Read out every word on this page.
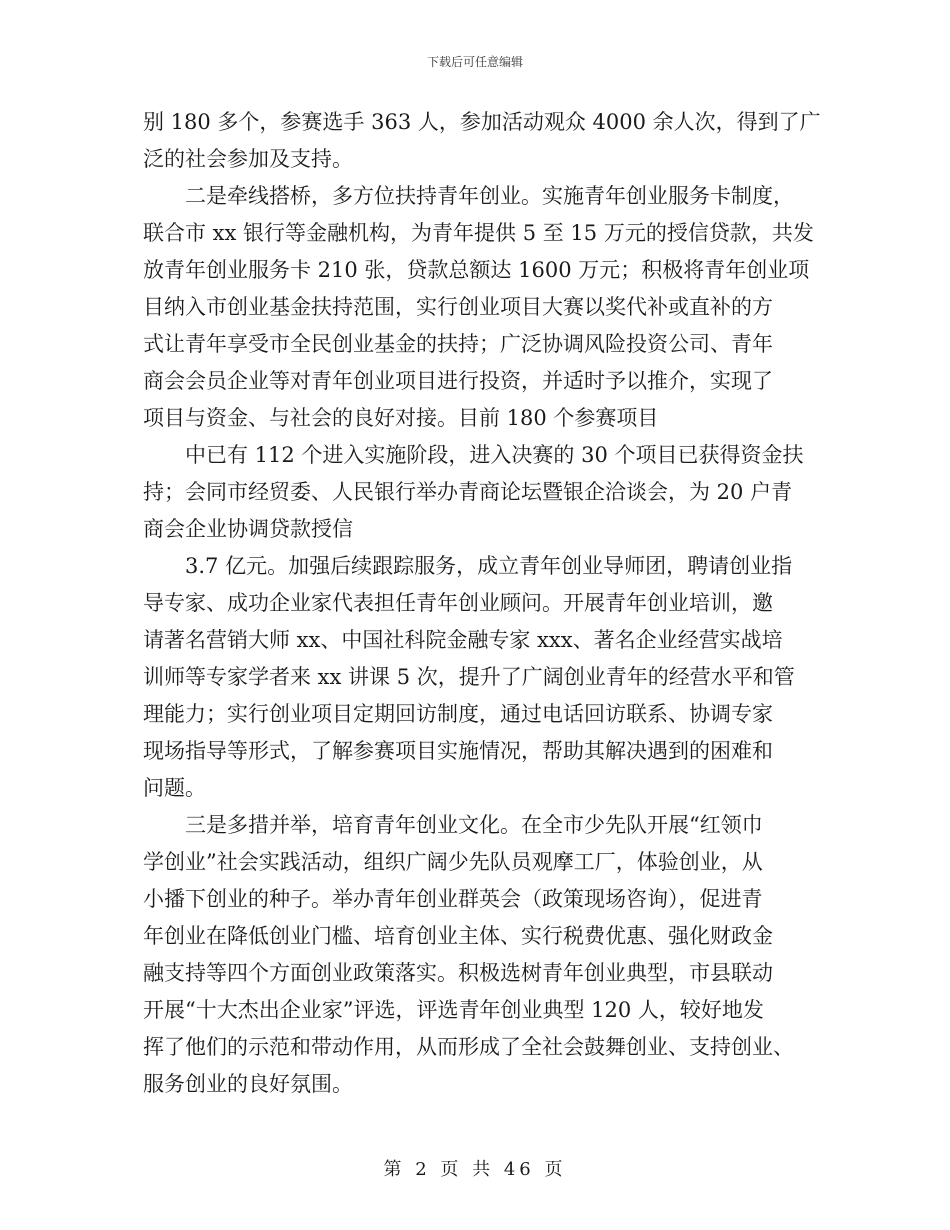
下载后可任意编辑
别 180 多个，参赛选手 363 人，参加活动观众 4000 余人次，得到了广
泛的社会参加及支持。
　　二是牵线搭桥，多方位扶持青年创业。实施青年创业服务卡制度，
联合市 xx 银行等金融机构，为青年提供 5 至 15 万元的授信贷款，共发
放青年创业服务卡 210 张，贷款总额达 1600 万元；积极将青年创业项
目纳入市创业基金扶持范围，实行创业项目大赛以奖代补或直补的方
式让青年享受市全民创业基金的扶持；广泛协调风险投资公司、青年
商会会员企业等对青年创业项目进行投资，并适时予以推介，实现了
项目与资金、与社会的良好对接。目前 180 个参赛项目
　　中已有 112 个进入实施阶段，进入决赛的 30 个项目已获得资金扶
持；会同市经贸委、人民银行举办青商论坛暨银企洽谈会，为 20 户青
商会企业协调贷款授信
　　3.7 亿元。加强后续跟踪服务，成立青年创业导师团，聘请创业指
导专家、成功企业家代表担任青年创业顾问。开展青年创业培训，邀
请著名营销大师 xx、中国社科院金融专家 xxx、著名企业经营实战培
训师等专家学者来 xx 讲课 5 次，提升了广阔创业青年的经营水平和管
理能力；实行创业项目定期回访制度，通过电话回访联系、协调专家
现场指导等形式，了解参赛项目实施情况，帮助其解决遇到的困难和
问题。
　　三是多措并举，培育青年创业文化。在全市少先队开展“红领巾
学创业”社会实践活动，组织广阔少先队员观摩工厂，体验创业，从
小播下创业的种子。举办青年创业群英会（政策现场咨询），促进青
年创业在降低创业门槛、培育创业主体、实行税费优惠、强化财政金
融支持等四个方面创业政策落实。积极选树青年创业典型，市县联动
开展“十大杰出企业家”评选，评选青年创业典型 120 人，较好地发
挥了他们的示范和带动作用，从而形成了全社会鼓舞创业、支持创业、
服务创业的良好氛围。
第 2 页 共 46 页
